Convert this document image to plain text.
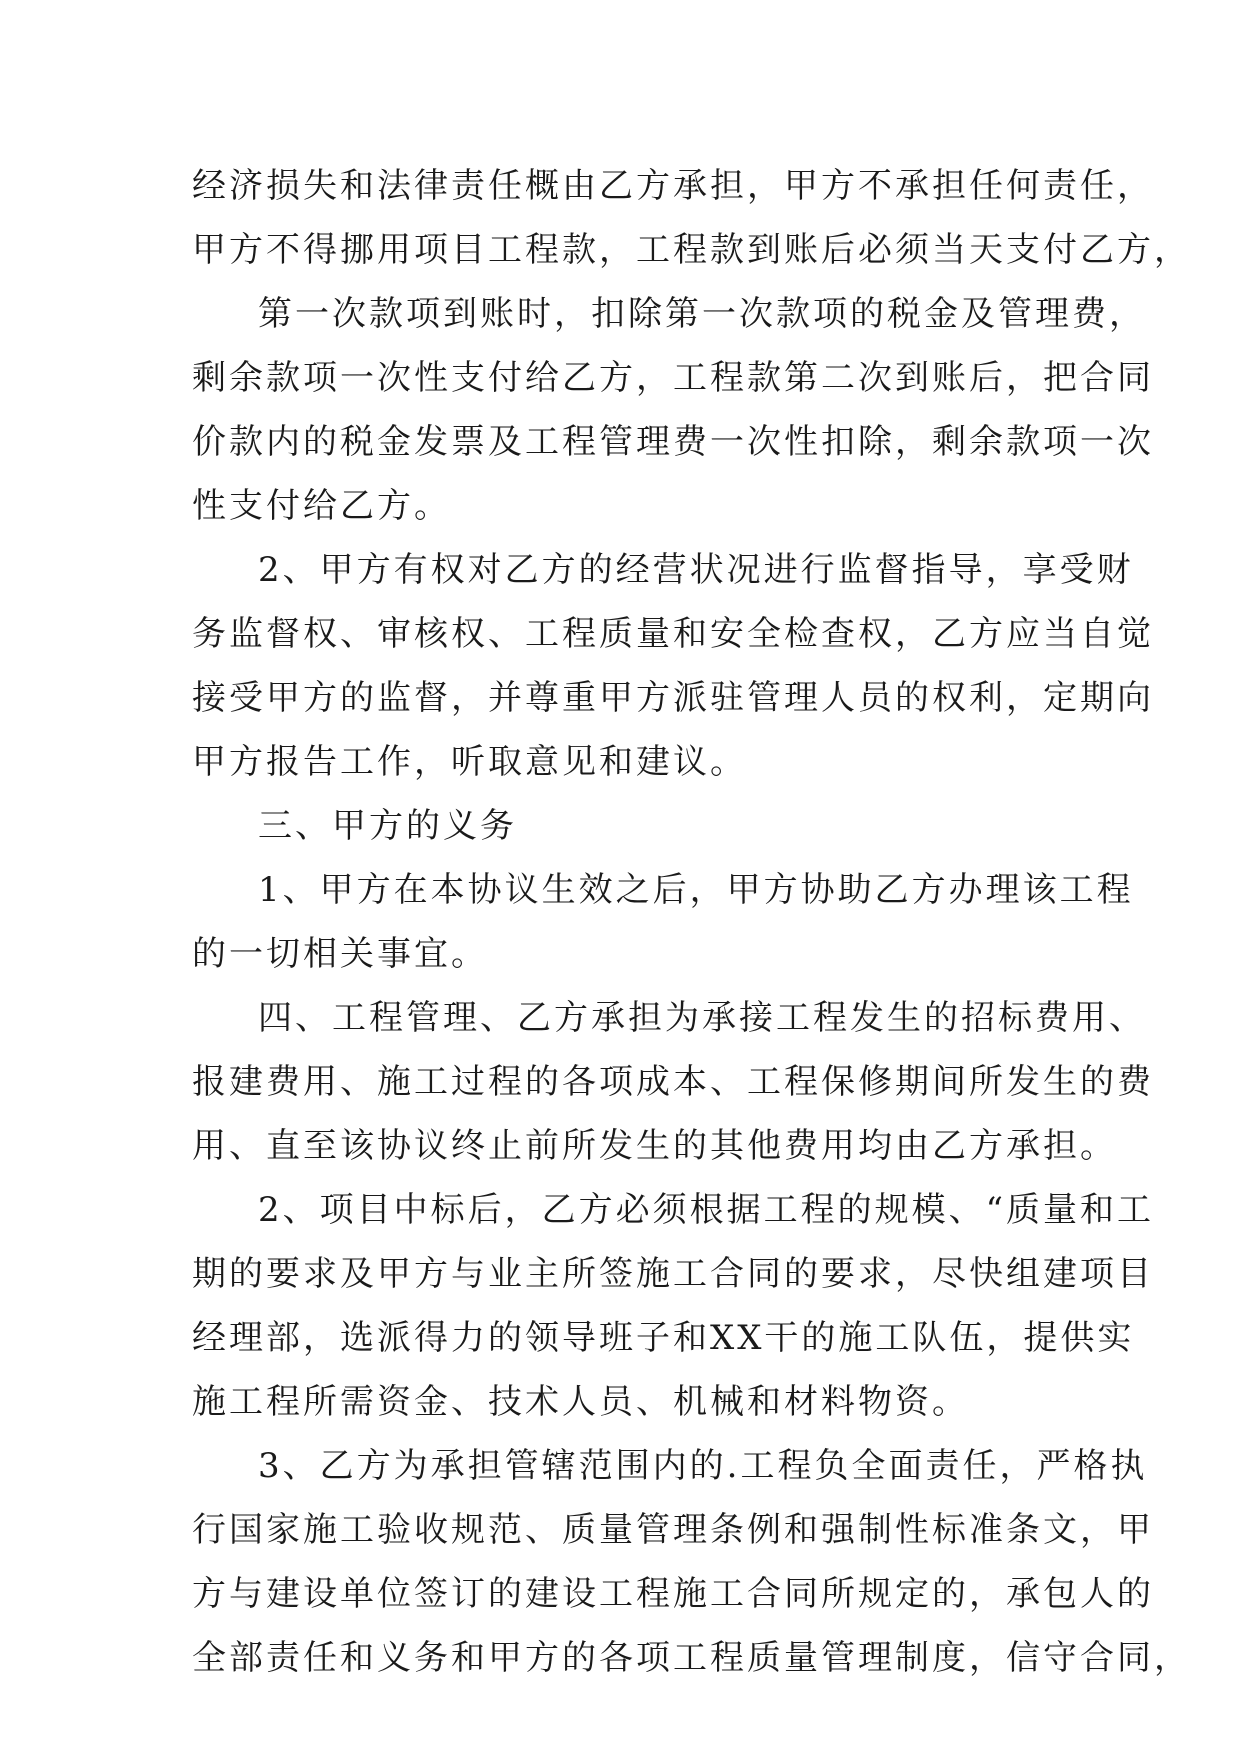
经济损失和法律责任概由乙方承担，甲方不承担任何责任，
甲方不得挪用项目工程款，工程款到账后必须当天支付乙方，
第一次款项到账时，扣除第一次款项的税金及管理费，
剩余款项一次性支付给乙方，工程款第二次到账后，把合同
价款内的税金发票及工程管理费一次性扣除，剩余款项一次
性支付给乙方。
2、甲方有权对乙方的经营状况进行监督指导，享受财
务监督权、审核权、工程质量和安全检查权，乙方应当自觉
接受甲方的监督，并尊重甲方派驻管理人员的权利，定期向
甲方报告工作，听取意见和建议。
三、甲方的义务
1、甲方在本协议生效之后，甲方协助乙方办理该工程
的一切相关事宜。
四、工程管理、乙方承担为承接工程发生的招标费用、
报建费用、施工过程的各项成本、工程保修期间所发生的费
用、直至该协议终止前所发生的其他费用均由乙方承担。
2、项目中标后，乙方必须根据工程的规模、“质量和工
期的要求及甲方与业主所签施工合同的要求，尽快组建项目
经理部，选派得力的领导班子和XX干的施工队伍，提供实
施工程所需资金、技术人员、机械和材料物资。
3、乙方为承担管辖范围内的.工程负全面责任，严格执
行国家施工验收规范、质量管理条例和强制性标准条文，甲
方与建设单位签订的建设工程施工合同所规定的，承包人的
全部责任和义务和甲方的各项工程质量管理制度，信守合同，
